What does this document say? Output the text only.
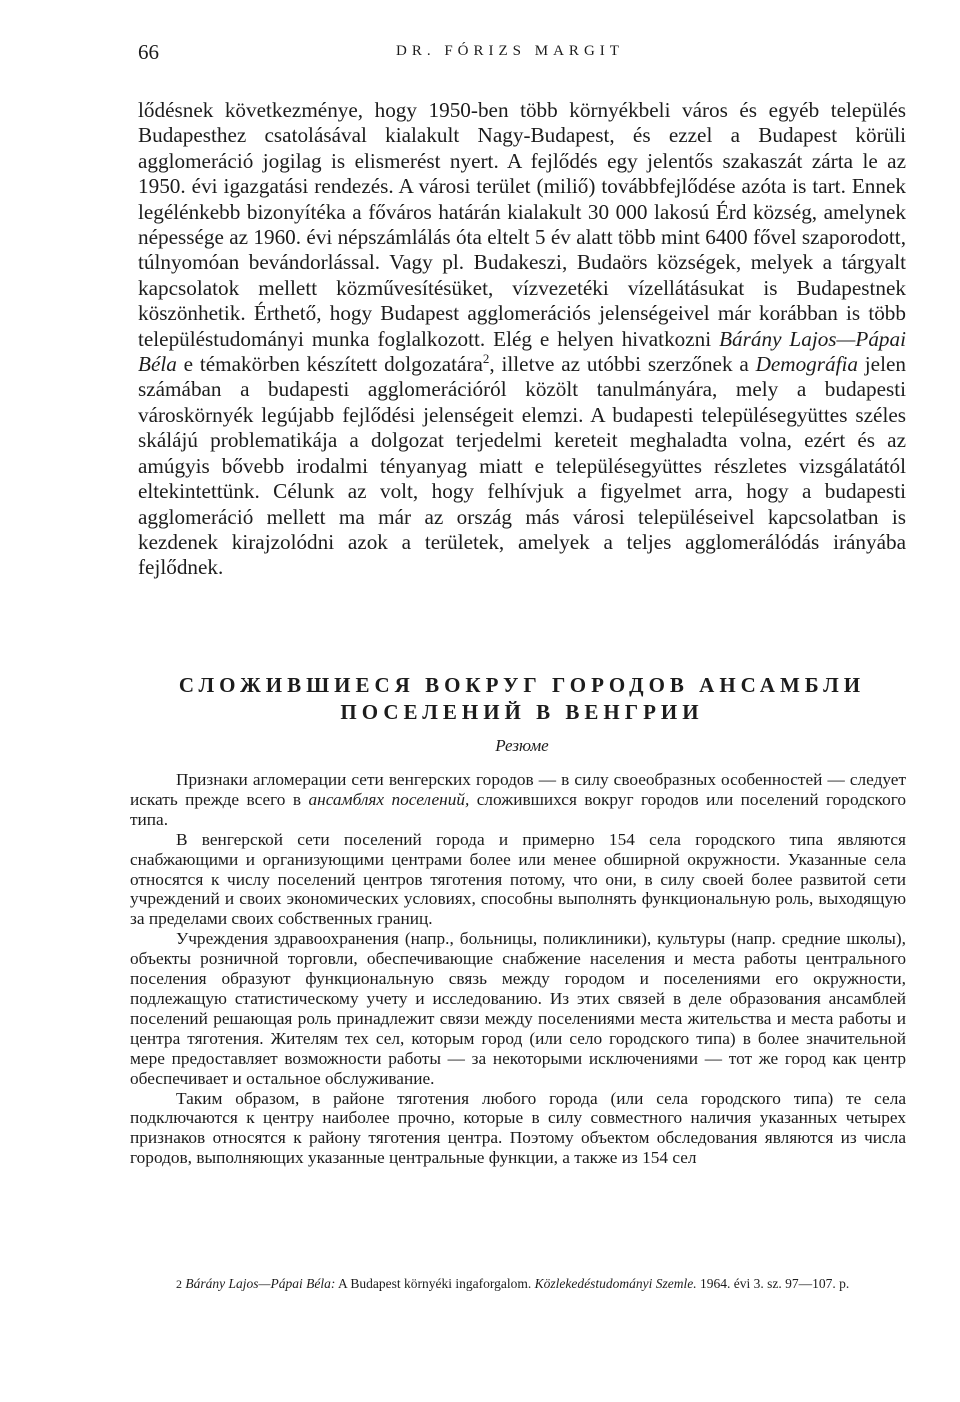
66	DR. FÓRIZS MARGIT

lődésnek következménye, hogy 1950-ben több környékbeli város és egyéb település Budapesthez csatolásával kialakult Nagy-Budapest, és ezzel a Budapest körüli agglomeráció jogilag is elismerést nyert. A fejlődés egy jelentős szakaszát zárta le az 1950. évi igazgatási rendezés. A városi terület (miliő) továbbfejlődése azóta is tart. Ennek legélénkebb bizonyítéka a főváros határán kialakult 30 000 lakosú Érd község, amelynek népessége az 1960. évi népszámlálás óta eltelt 5 év alatt több mint 6400 fővel szaporodott, túlnyomóan bevándorlással. Vagy pl. Budakeszi, Budaörs községek, melyek a tárgyalt kapcsolatok mellett közművesítésüket, vízvezetéki vízellátásukat is Budapestnek köszönhetik. Érthető, hogy Budapest agglomerációs jelenségeivel már korábban is több településtudományi munka foglalkozott. Elég e helyen hivatkozni Bárány Lajos—Pápai Béla e témakörben készített dolgozatára$^2$, illetve az utóbbi szerzőnek a Demográfia jelen számában a budapesti agglomerációról közölt tanulmányára, mely a budapesti városkörnyék legújabb fejlődési jelenségeit elemzi. A budapesti településegyüttes széles skálájú problematikája a dolgozat terjedelmi kereteit meghaladta volna, ezért és az amúgyis bővebb irodalmi tényanyag miatt e településegyüttes részletes vizsgálatától eltekintettünk. Célunk az volt, hogy felhívjuk a figyelmet arra, hogy a budapesti agglomeráció mellett ma már az ország más városi településeivel kapcsolatban is kezdenek kirajzolódni azok a területek, amelyek a teljes agglomerálódás irányába fejlődnek.

СЛОЖИВШИЕСЯ ВОКРУГ ГОРОДОВ АНСАМБЛИ
ПОСЕЛЕНИЙ В ВЕНГРИИ

Резюме

Признаки агломерации сети венгерских городов — в силу своеобразных особенностей — следует искать прежде всего в ансамблях поселений, сложившихся вокруг городов или поселений городского типа.

В венгерской сети поселений города и примерно 154 села городского типа являются снабжающими и организующими центрами более или менее обширной окружности. Указанные села относятся к числу поселений центров тяготения потому, что они, в силу своей более развитой сети учреждений и своих экономических условиях, способны выполнять функциональную роль, выходящую за пределами своих собственных границ.

Учреждения здравоохранения (напр., больницы, поликлиники), культуры (напр. средние школы), объекты розничной торговли, обеспечивающие снабжение населения и места работы центрального поселения образуют функциональную связь между городом и поселениями его окружности, подлежащую статистическому учету и исследованию. Из этих связей в деле образования ансамблей поселений решающая роль принадлежит связи между поселениями места жительства и места работы и центра тяготения. Жителям тех сел, которым город (или село городского типа) в более значительной мере предоставляет возможности работы — за некоторыми исключениями — тот же город как центр обеспечивает и остальное обслуживание.

Таким образом, в районе тяготения любого города (или села городского типа) те села подключаются к центру наиболее прочно, которые в силу совместного наличия указанных четырех признаков относятся к району тяготения центра. Поэтому объектом обследования являются из числа городов, выполняющих указанные центральные функции, а также из 154 сел

2 Bárány Lajos—Pápai Béla: A Budapest környéki ingaforgalom. Közlekedéstudományi Szemle. 1964. évi 3. sz. 97—107. p.
